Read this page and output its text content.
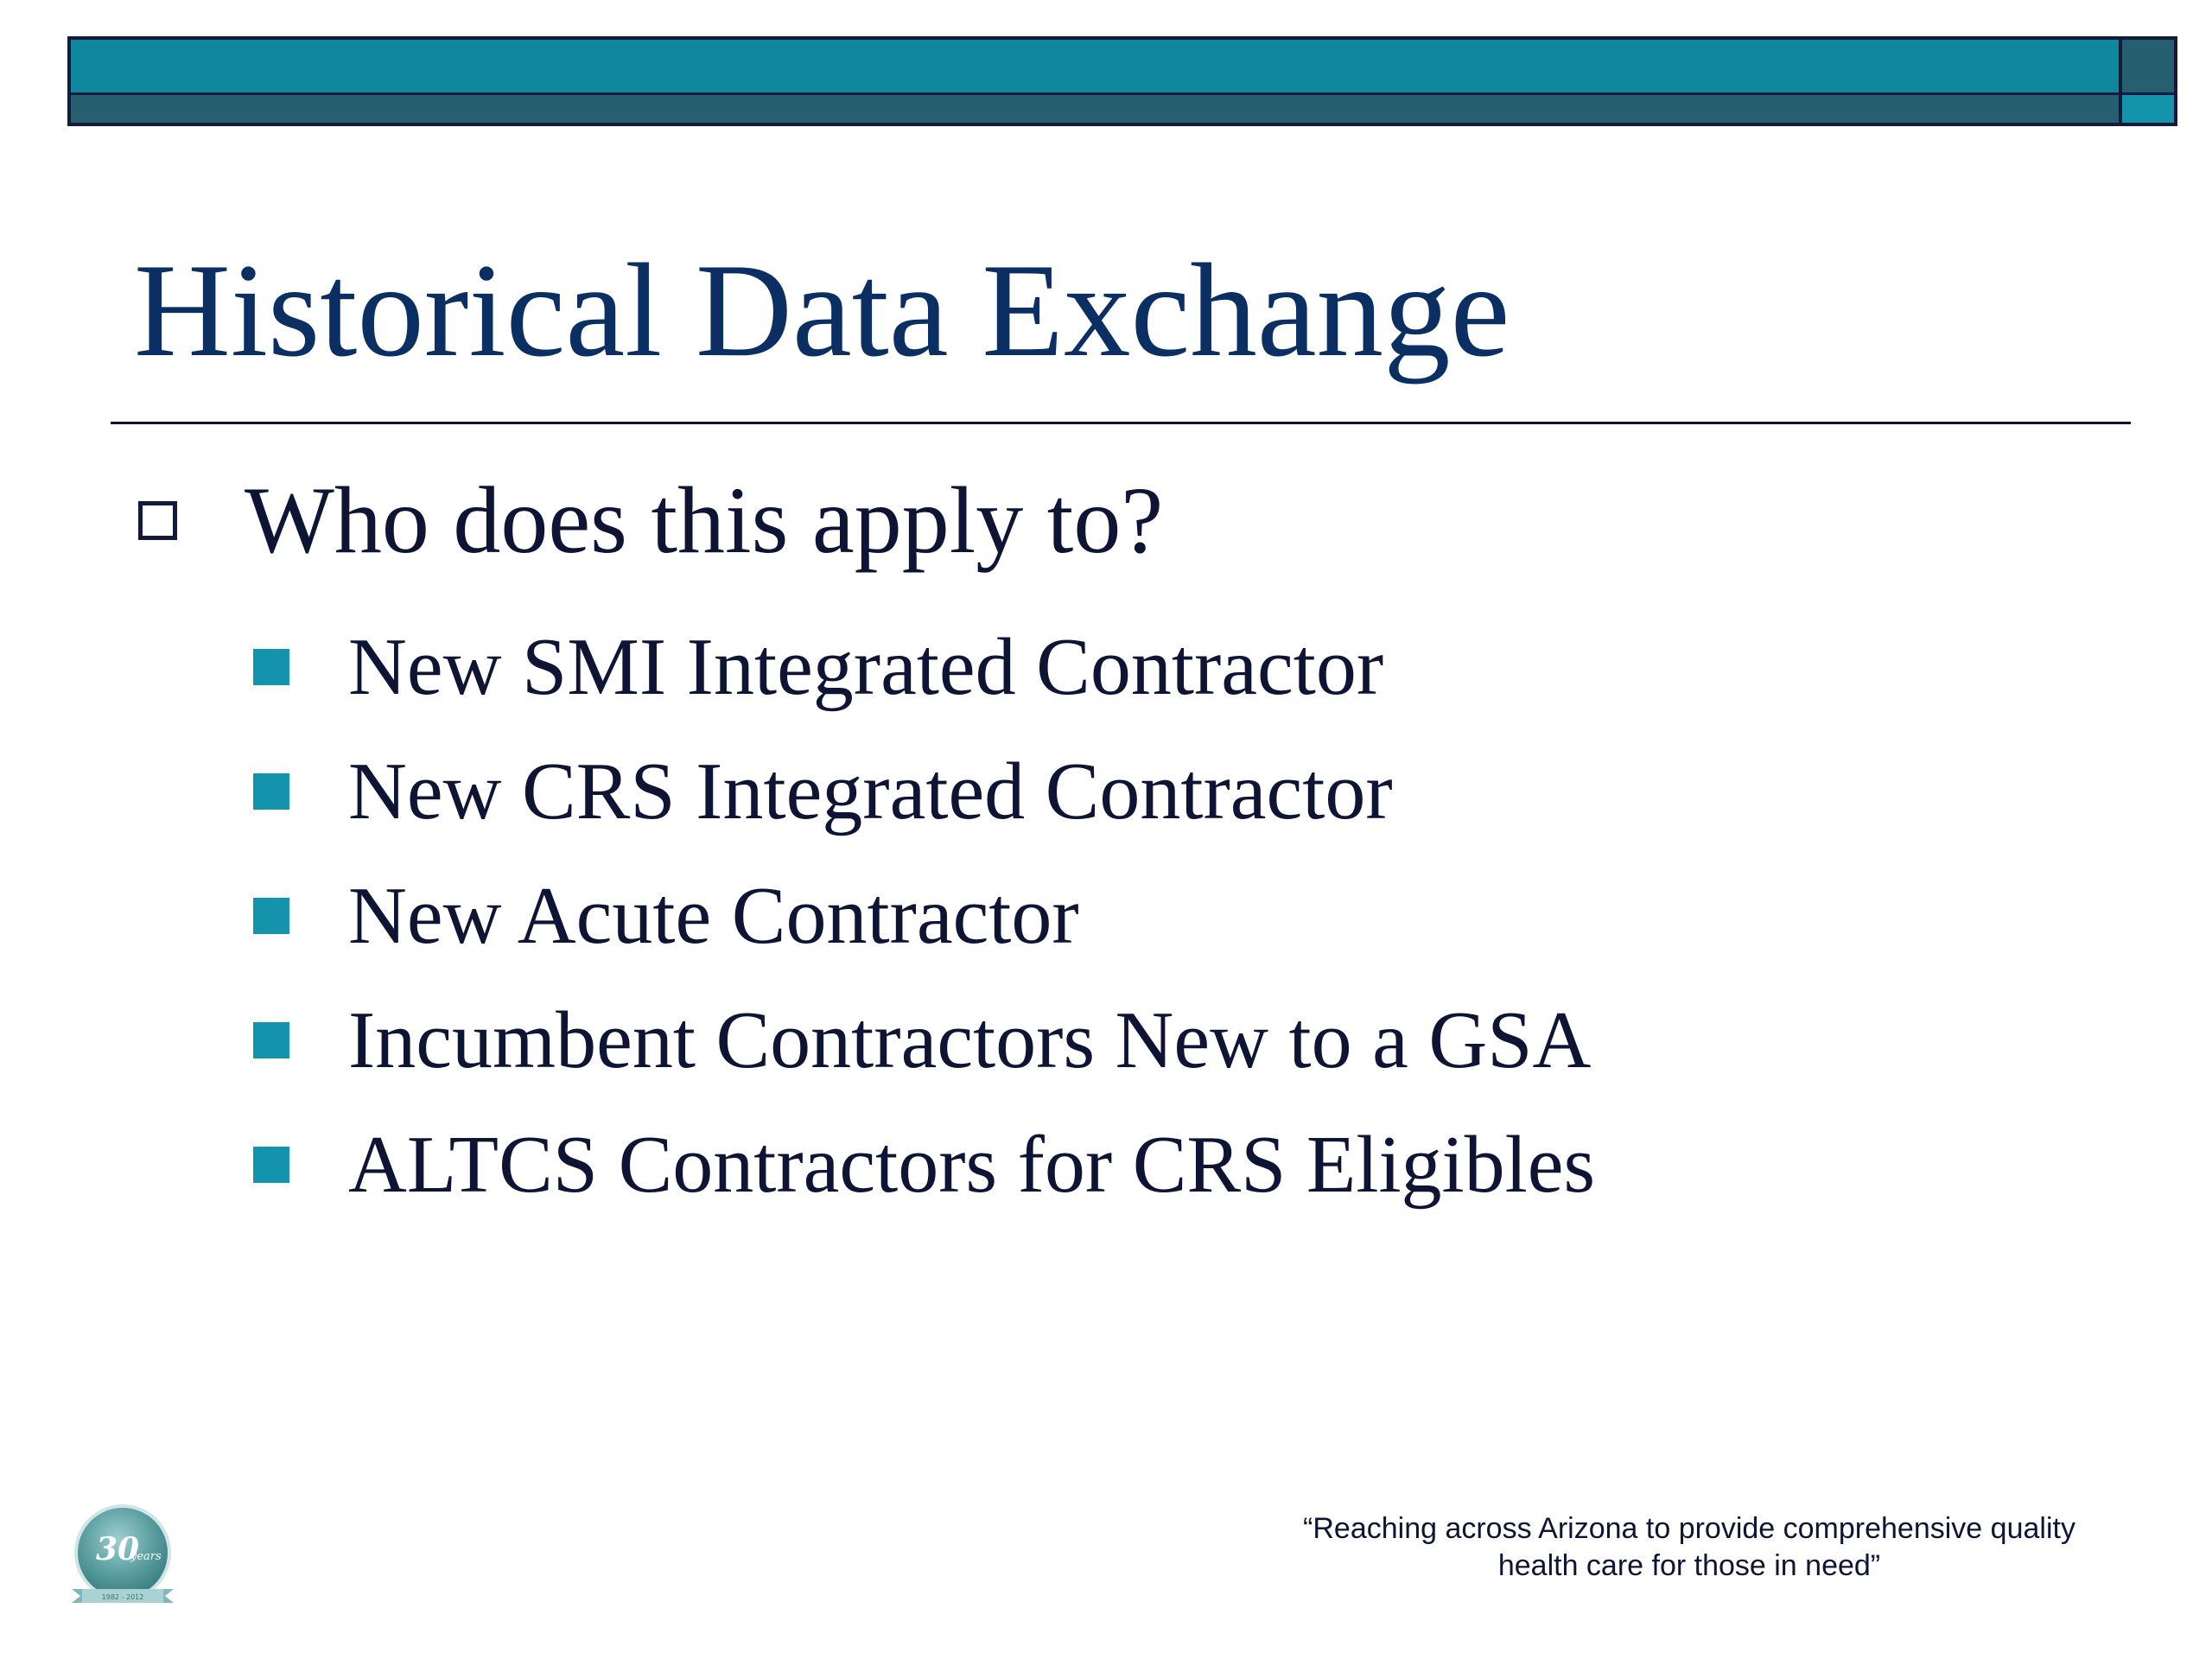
Historical Data Exchange
Who does this apply to?
New SMI Integrated Contractor
New CRS Integrated Contractor
New Acute Contractor
Incumbent Contractors New to a GSA
ALTCS Contractors for CRS Eligibles
30
years
1982 - 2012
“Reaching across Arizona to provide comprehensive quality
health care for those in need”
